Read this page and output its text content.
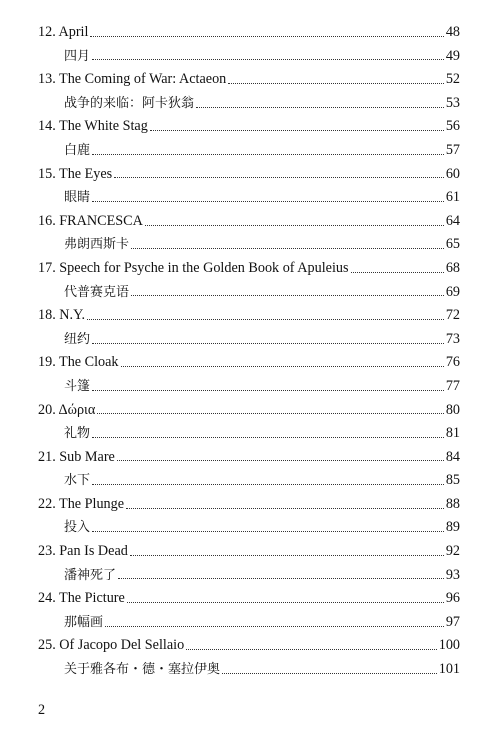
12. April	48
四月	49
13. The Coming of War: Actaeon	52
战争的来临：阿卡狄翁	53
14. The White Stag	56
白鹿	57
15. The Eyes	60
眼睛	61
16. FRANCESCA	64
弗朗西斯卡	65
17. Speech for Psyche in the Golden Book of Apuleius	68
代普赛克语	69
18. N.Y.	72
纽约	73
19. The Cloak	76
斗篷	77
20. Δώρια	80
礼物	81
21. Sub Mare	84
水下	85
22. The Plunge	88
投入	89
23. Pan Is Dead	92
潘神死了	93
24. The Picture	96
那幅画	97
25. Of Jacopo Del Sellaio	100
关于雅各布・德・塞拉伊奥	101
2
